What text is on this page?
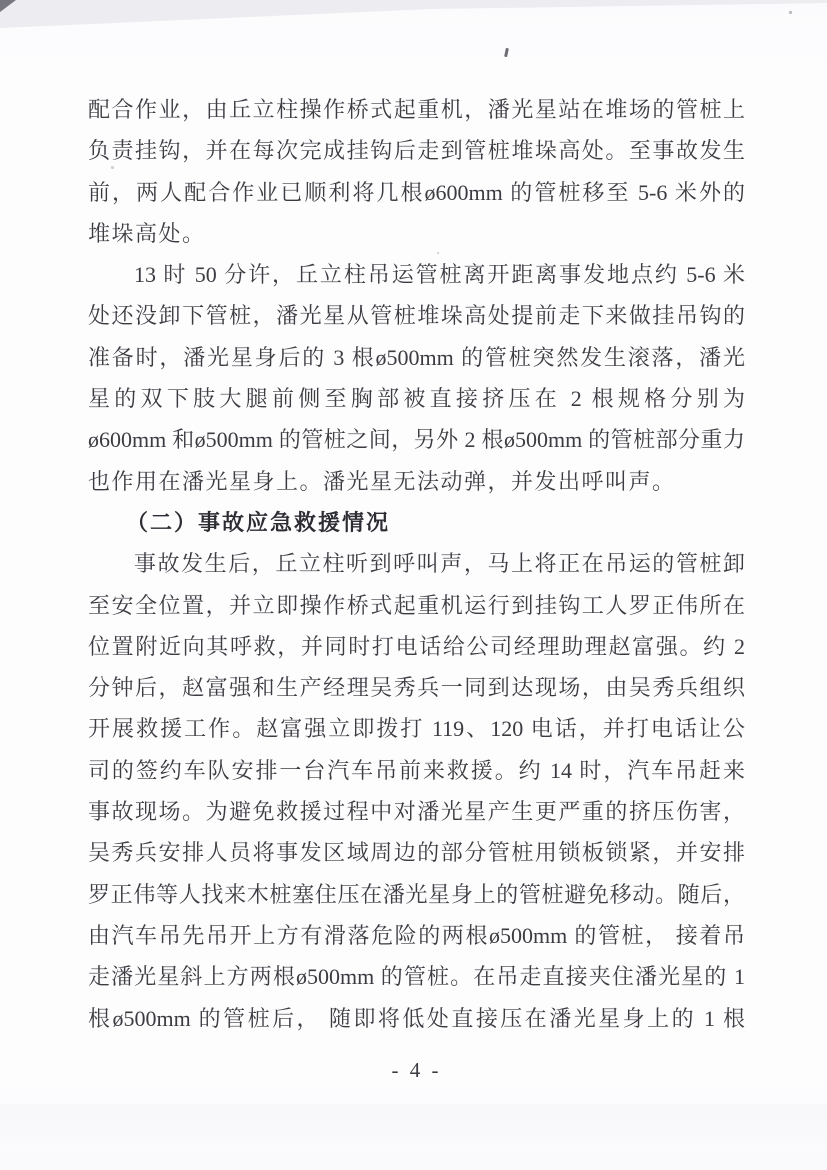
配合作业，由丘立柱操作桥式起重机，潘光星站在堆场的管桩上
负责挂钩，并在每次完成挂钩后走到管桩堆垛高处。至事故发生
前，两人配合作业已顺利将几根ø600mm 的管桩移至 5-6 米外的
堆垛高处。
13 时 50 分许，丘立柱吊运管桩离开距离事发地点约 5-6 米
处还没卸下管桩，潘光星从管桩堆垛高处提前走下来做挂吊钩的
准备时，潘光星身后的 3 根ø500mm 的管桩突然发生滚落，潘光
星的双下肢大腿前侧至胸部被直接挤压在 2 根规格分别为
ø600mm 和ø500mm 的管桩之间，另外 2 根ø500mm 的管桩部分重力
也作用在潘光星身上。潘光星无法动弹，并发出呼叫声。
（二）事故应急救援情况
事故发生后，丘立柱听到呼叫声，马上将正在吊运的管桩卸
至安全位置，并立即操作桥式起重机运行到挂钩工人罗正伟所在
位置附近向其呼救，并同时打电话给公司经理助理赵富强。约 2
分钟后，赵富强和生产经理吴秀兵一同到达现场，由吴秀兵组织
开展救援工作。赵富强立即拨打 119、120 电话，并打电话让公
司的签约车队安排一台汽车吊前来救援。约 14 时，汽车吊赶来
事故现场。为避免救援过程中对潘光星产生更严重的挤压伤害，
吴秀兵安排人员将事发区域周边的部分管桩用锁板锁紧，并安排
罗正伟等人找来木桩塞住压在潘光星身上的管桩避免移动。随后，
由汽车吊先吊开上方有滑落危险的两根ø500mm 的管桩， 接着吊
走潘光星斜上方两根ø500mm 的管桩。在吊走直接夹住潘光星的 1
根ø500mm 的管桩后， 随即将低处直接压在潘光星身上的 1 根
- 4 -
